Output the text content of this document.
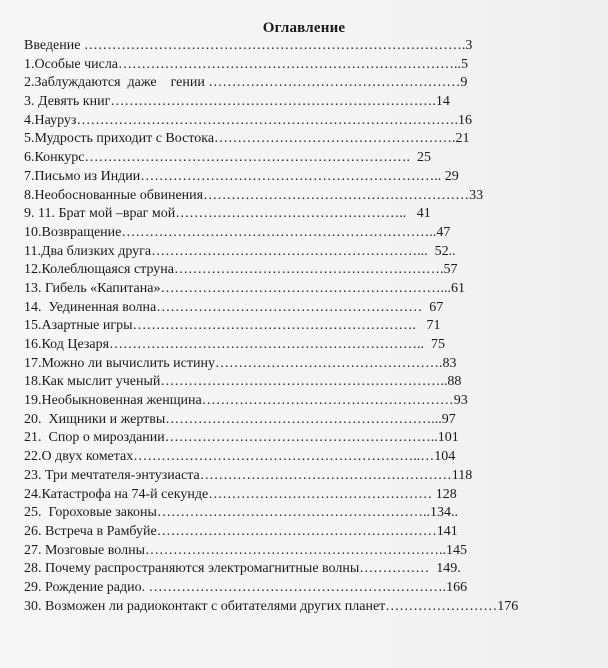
Оглавление
Введение ……………………………………………………………………….3
1.Особые числа………………………………………………………………..5
2.Заблуждаются  даже    гении ………………………………………………9
3. Девять книг…………………………………………………………….14
4.Науруз……………………………………………………………………….16
5.Мудрость приходит с Востока…………………………………………….21
6.Конкурс…………………………………………………………….  25
7.Письмо из Индии……………………………………………………….. 29
8.Необоснованные обвинения…………………………………………………33
9. 11. Брат мой –враг мой…………………………………………..   41
10.Возвращение…………………………………………………………..47
11.Два близких друга…………………………………………………...  52..
12.Колеблющаяся струна………………………………………………….57
13. Гибель «Капитана»……………………………………………………...61
14.  Уединенная волна…………………………………………………  67
15.Азартные игры…………………………………………………….   71
16.Код Цезаря…………………………………………………………..  75
17.Можно ли вычислить истину………………………………………….83
18.Как мыслит ученый……………………………………………………..88
19.Необыкновенная женщина………………………………………………93
20.  Хищники и жертвы…………………………………………………...97
21.  Спор о мироздании…………………………………………………..101
22.О двух кометах……………………………………………………..…104
23. Три мечтателя-энтузиаста………………………………………………118
24.Катастрофа на 74-й секунде………………………………………… 128
25.  Гороховые законы…………………………………………………..134..
26. Встреча в Рамбуйе……………………………………………………141
27. Мозговые волны………………………………………………………..145
28. Почему распространяются электромагнитные волны……………  149.
29. Рождение радио. ……………………………………………………….166
30. Возможен ли радиоконтакт с обитателями других планет……………………176
